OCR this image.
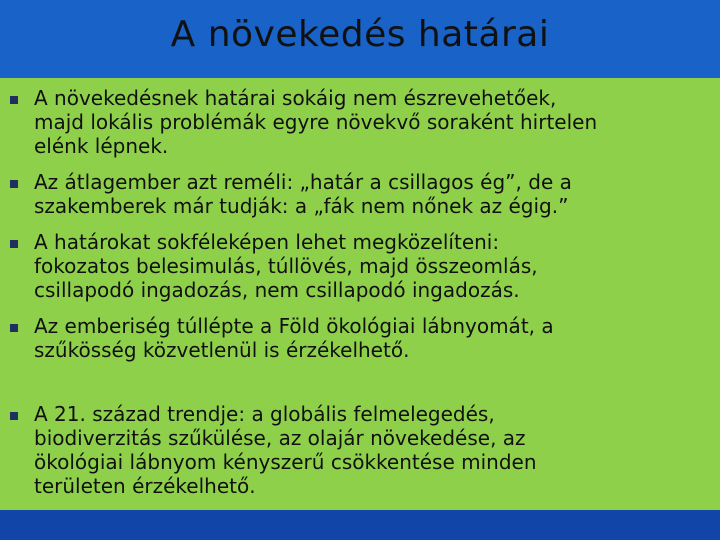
A növekedés határai
A növekedésnek határai sokáig nem észrevehetőek,
majd lokális problémák egyre növekvő soraként hirtelen
elénk lépnek.
Az átlagember azt reméli: „határ a csillagos ég”, de a
szakemberek már tudják: a „fák nem nőnek az égig.”
A határokat sokféleképen lehet megközelíteni:
fokozatos belesimulás, túllövés, majd összeomlás,
csillapodó ingadozás, nem csillapodó ingadozás.
Az emberiség túllépte a Föld ökológiai lábnyomát, a
szűkösség közvetlenül is érzékelhető.
A 21. század trendje: a globális felmelegedés,
biodiverzitás szűkülése, az olajár növekedése, az
ökológiai lábnyom kényszerű csökkentése minden
területen érzékelhető.
